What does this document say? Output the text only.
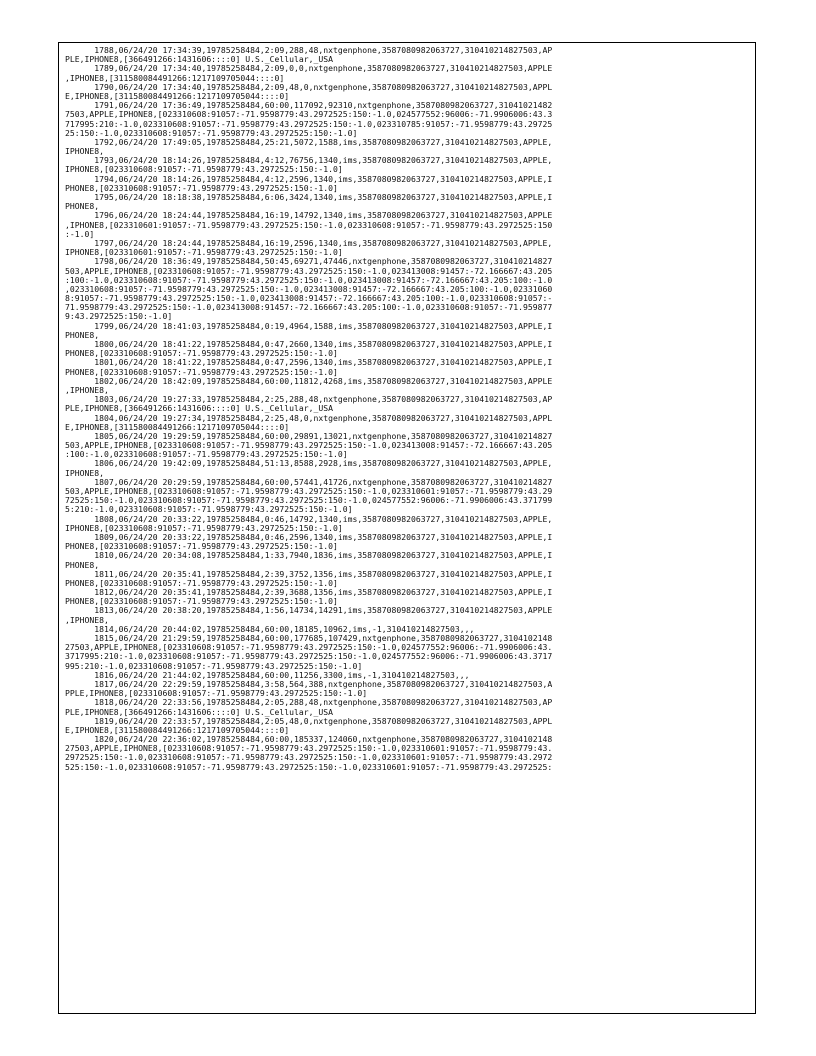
1788,06/24/20 17:34:39,19785258484,2:09,288,48,nxtgenphone,3587080982063727,310410214827503,AP
PLE,IPHONE8,[366491266:1431606::::0] U.S._Cellular,_USA
1789,06/24/20 17:34:40,19785258484,2:09,0,0,nxtgenphone,3587080982063727,310410214827503,APPLE
,IPHONE8,[311580084491266:1217109705044::::0]
1790,06/24/20 17:34:40,19785258484,2:09,48,0,nxtgenphone,3587080982063727,310410214827503,APPL
E,IPHONE8,[311580084491266:1217109705044::::0]
1791,06/24/20 17:36:49,19785258484,60:00,117092,92310,nxtgenphone,3587080982063727,31041021482
7503,APPLE,IPHONE8,[023310608:91057:-71.9598779:43.2972525:150:-1.0,024577552:96006:-71.9906006:43.3
717995:210:-1.0,023310608:91057:-71.9598779:43.2972525:150:-1.0,023310785:91057:-71.9598779:43.29725
25:150:-1.0,023310608:91057:-71.9598779:43.2972525:150:-1.0]
1792,06/24/20 17:49:05,19785258484,25:21,5072,1588,ims,3587080982063727,310410214827503,APPLE,
IPHONE8,
1793,06/24/20 18:14:26,19785258484,4:12,76756,1340,ims,3587080982063727,310410214827503,APPLE,
IPHONE8,[023310608:91057:-71.9598779:43.2972525:150:-1.0]
1794,06/24/20 18:14:26,19785258484,4:12,2596,1340,ims,3587080982063727,310410214827503,APPLE,I
PHONE8,[023310608:91057:-71.9598779:43.2972525:150:-1.0]
1795,06/24/20 18:18:38,19785258484,6:06,3424,1340,ims,3587080982063727,310410214827503,APPLE,I
PHONE8,
1796,06/24/20 18:24:44,19785258484,16:19,14792,1340,ims,3587080982063727,310410214827503,APPLE
,IPHONE8,[023310601:91057:-71.9598779:43.2972525:150:-1.0,023310608:91057:-71.9598779:43.2972525:150
:-1.0]
1797,06/24/20 18:24:44,19785258484,16:19,2596,1340,ims,3587080982063727,310410214827503,APPLE,
IPHONE8,[023310601:91057:-71.9598779:43.2972525:150:-1.0]
1798,06/24/20 18:36:49,19785258484,50:45,69271,47446,nxtgenphone,3587080982063727,310410214827
503,APPLE,IPHONE8,[023310608:91057:-71.9598779:43.2972525:150:-1.0,023413008:91457:-72.166667:43.205
:100:-1.0,023310608:91057:-71.9598779:43.2972525:150:-1.0,023413008:91457:-72.166667:43.205:100:-1.0
,023310608:91057:-71.9598779:43.2972525:150:-1.0,023413008:91457:-72.166667:43.205:100:-1.0,02331060
8:91057:-71.9598779:43.2972525:150:-1.0,023413008:91457:-72.166667:43.205:100:-1.0,023310608:91057:-
71.9598779:43.2972525:150:-1.0,023413008:91457:-72.166667:43.205:100:-1.0,023310608:91057:-71.959877
9:43.2972525:150:-1.0]
1799,06/24/20 18:41:03,19785258484,0:19,4964,1588,ims,3587080982063727,310410214827503,APPLE,I
PHONE8,
1800,06/24/20 18:41:22,19785258484,0:47,2660,1340,ims,3587080982063727,310410214827503,APPLE,I
PHONE8,[023310608:91057:-71.9598779:43.2972525:150:-1.0]
1801,06/24/20 18:41:22,19785258484,0:47,2596,1340,ims,3587080982063727,310410214827503,APPLE,I
PHONE8,[023310608:91057:-71.9598779:43.2972525:150:-1.0]
1802,06/24/20 18:42:09,19785258484,60:00,11812,4268,ims,3587080982063727,310410214827503,APPLE
,IPHONE8,
1803,06/24/20 19:27:33,19785258484,2:25,288,48,nxtgenphone,3587080982063727,310410214827503,AP
PLE,IPHONE8,[366491266:1431606::::0] U.S._Cellular,_USA
1804,06/24/20 19:27:34,19785258484,2:25,48,0,nxtgenphone,3587080982063727,310410214827503,APPL
E,IPHONE8,[311580084491266:1217109705044::::0]
1805,06/24/20 19:29:59,19785258484,60:00,29891,13021,nxtgenphone,3587080982063727,310410214827
503,APPLE,IPHONE8,[023310608:91057:-71.9598779:43.2972525:150:-1.0,023413008:91457:-72.166667:43.205
:100:-1.0,023310608:91057:-71.9598779:43.2972525:150:-1.0]
1806,06/24/20 19:42:09,19785258484,51:13,8588,2928,ims,3587080982063727,310410214827503,APPLE,
IPHONE8,
1807,06/24/20 20:29:59,19785258484,60:00,57441,41726,nxtgenphone,3587080982063727,310410214827
503,APPLE,IPHONE8,[023310608:91057:-71.9598779:43.2972525:150:-1.0,023310601:91057:-71.9598779:43.29
72525:150:-1.0,023310608:91057:-71.9598779:43.2972525:150:-1.0,024577552:96006:-71.9906006:43.371799
5:210:-1.0,023310608:91057:-71.9598779:43.2972525:150:-1.0]
1808,06/24/20 20:33:22,19785258484,0:46,14792,1340,ims,3587080982063727,310410214827503,APPLE,
IPHONE8,[023310608:91057:-71.9598779:43.2972525:150:-1.0]
1809,06/24/20 20:33:22,19785258484,0:46,2596,1340,ims,3587080982063727,310410214827503,APPLE,I
PHONE8,[023310608:91057:-71.9598779:43.2972525:150:-1.0]
1810,06/24/20 20:34:08,19785258484,1:33,7940,1836,ims,3587080982063727,310410214827503,APPLE,I
PHONE8,
1811,06/24/20 20:35:41,19785258484,2:39,3752,1356,ims,3587080982063727,310410214827503,APPLE,I
PHONE8,[023310608:91057:-71.9598779:43.2972525:150:-1.0]
1812,06/24/20 20:35:41,19785258484,2:39,3688,1356,ims,3587080982063727,310410214827503,APPLE,I
PHONE8,[023310608:91057:-71.9598779:43.2972525:150:-1.0]
1813,06/24/20 20:38:20,19785258484,1:56,14734,14291,ims,3587080982063727,310410214827503,APPLE
,IPHONE8,
1814,06/24/20 20:44:02,19785258484,60:00,18185,10962,ims,-1,310410214827503,,,
1815,06/24/20 21:29:59,19785258484,60:00,177685,107429,nxtgenphone,358708098206372​7,3104102148
27503,APPLE,IPHONE8,[023310608:91057:-71.9598779:43.2972525:150:-1.0,024577552:96006:-71.9906006:43.
3717995:210:-1.0,023310608:91057:-71.9598779:43.2972525:150:-1.0,024577552:96006:-71.9906006:43.3717
995:210:-1.0,023310608:91057:-71.9598779:43.2972525:150:-1.0]
1816,06/24/20 21:44:02,19785258484,60:00,11256,3300,ims,-1,310410214827503,,,
1817,06/24/20 22:29:59,19785258484,3:58,564,388,nxtgenphone,3587080982063727,310410214827503,A
PPLE,IPHONE8,[023310608:91057:-71.9598779:43.2972525:150:-1.0]
1818,06/24/20 22:33:56,19785258484,2:05,288,48,nxtgenphone,3587080982063727,310410214827503,AP
PLE,IPHONE8,[366491266:1431606::::0] U.S._Cellular,_USA
1819,06/24/20 22:33:57,19785258484,2:05,48,0,nxtgenphone,3587080982063727,310410214827503,APPL
E,IPHONE8,[311580084491266:1217109705044::::0]
1820,06/24/20 22:36:02,19785258484,60:00,185337,124060,nxtgenphone,3587080982063727,3104102148
27503,APPLE,IPHONE8,[023310608:91057:-71.9598779:43.2972525:150:-1.0,023310601:91057:-71.9598779:43.
2972525:150:-1.0,023310608:91057:-71.9598779:43.2972525:150:-1.0,023310601:91057:-71.9598779:43.2972
525:150:-1.0,023310608:91057:-71.9598779:43.2972525:150:-1.0,023310601:91057:-71.9598779:43.2972525:
